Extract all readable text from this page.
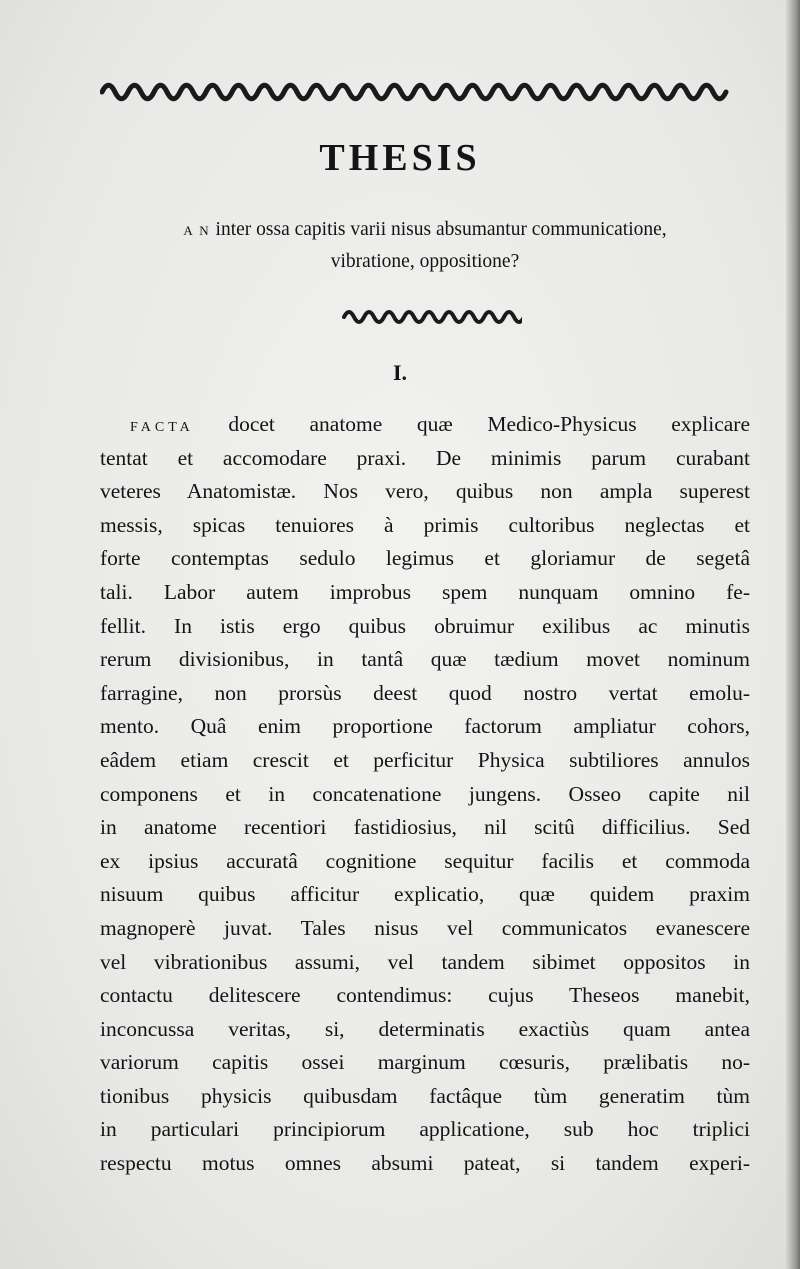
THESIS
A N inter ossa capitis varii nisus absumantur communicatione,
vibratione, oppositione?
I.
FACTA docet anatome quæ Medico-Physicus explicare
tentat et accomodare praxi. De minimis parum curabant
veteres Anatomistæ. Nos vero, quibus non ampla superest
messis, spicas tenuiores à primis cultoribus neglectas et
forte contemptas sedulo legimus et gloriamur de segetâ
tali. Labor autem improbus spem nunquam omnino fe-
fellit. In istis ergo quibus obruimur exilibus ac minutis
rerum divisionibus, in tantâ quæ tædium movet nominum
farragine, non prorsùs deest quod nostro vertat emolu-
mento. Quâ enim proportione factorum ampliatur cohors,
eâdem etiam crescit et perficitur Physica subtiliores annulos
componens et in concatenatione jungens. Osseo capite nil
in anatome recentiori fastidiosius, nil scitû difficilius. Sed
ex ipsius accuratâ cognitione sequitur facilis et commoda
nisuum quibus afficitur explicatio, quæ quidem praxim
magnoperè juvat. Tales nisus vel communicatos evanescere
vel vibrationibus assumi, vel tandem sibimet oppositos in
contactu delitescere contendimus: cujus Theseos manebit,
inconcussa veritas, si, determinatis exactiùs quam antea
variorum capitis ossei marginum cœsuris, prælibatis no-
tionibus physicis quibusdam factâque tùm generatim tùm
in particulari principiorum applicatione, sub hoc triplici
respectu motus omnes absumi pateat, si tandem experi-
